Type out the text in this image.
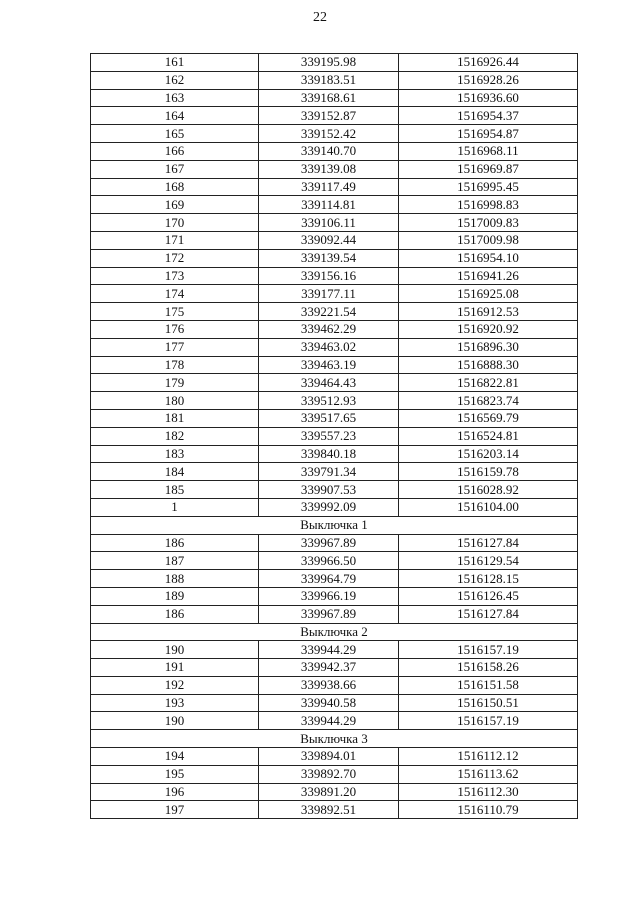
22
161	339195.98	1516926.44
162	339183.51	1516928.26
163	339168.61	1516936.60
164	339152.87	1516954.37
165	339152.42	1516954.87
166	339140.70	1516968.11
167	339139.08	1516969.87
168	339117.49	1516995.45
169	339114.81	1516998.83
170	339106.11	1517009.83
171	339092.44	1517009.98
172	339139.54	1516954.10
173	339156.16	1516941.26
174	339177.11	1516925.08
175	339221.54	1516912.53
176	339462.29	1516920.92
177	339463.02	1516896.30
178	339463.19	1516888.30
179	339464.43	1516822.81
180	339512.93	1516823.74
181	339517.65	1516569.79
182	339557.23	1516524.81
183	339840.18	1516203.14
184	339791.34	1516159.78
185	339907.53	1516028.92
1	339992.09	1516104.00
Выключка 1		
186	339967.89	1516127.84
187	339966.50	1516129.54
188	339964.79	1516128.15
189	339966.19	1516126.45
186	339967.89	1516127.84
Выключка 2		
190	339944.29	1516157.19
191	339942.37	1516158.26
192	339938.66	1516151.58
193	339940.58	1516150.51
190	339944.29	1516157.19
Выключка 3		
194	339894.01	1516112.12
195	339892.70	1516113.62
196	339891.20	1516112.30
197	339892.51	1516110.79
